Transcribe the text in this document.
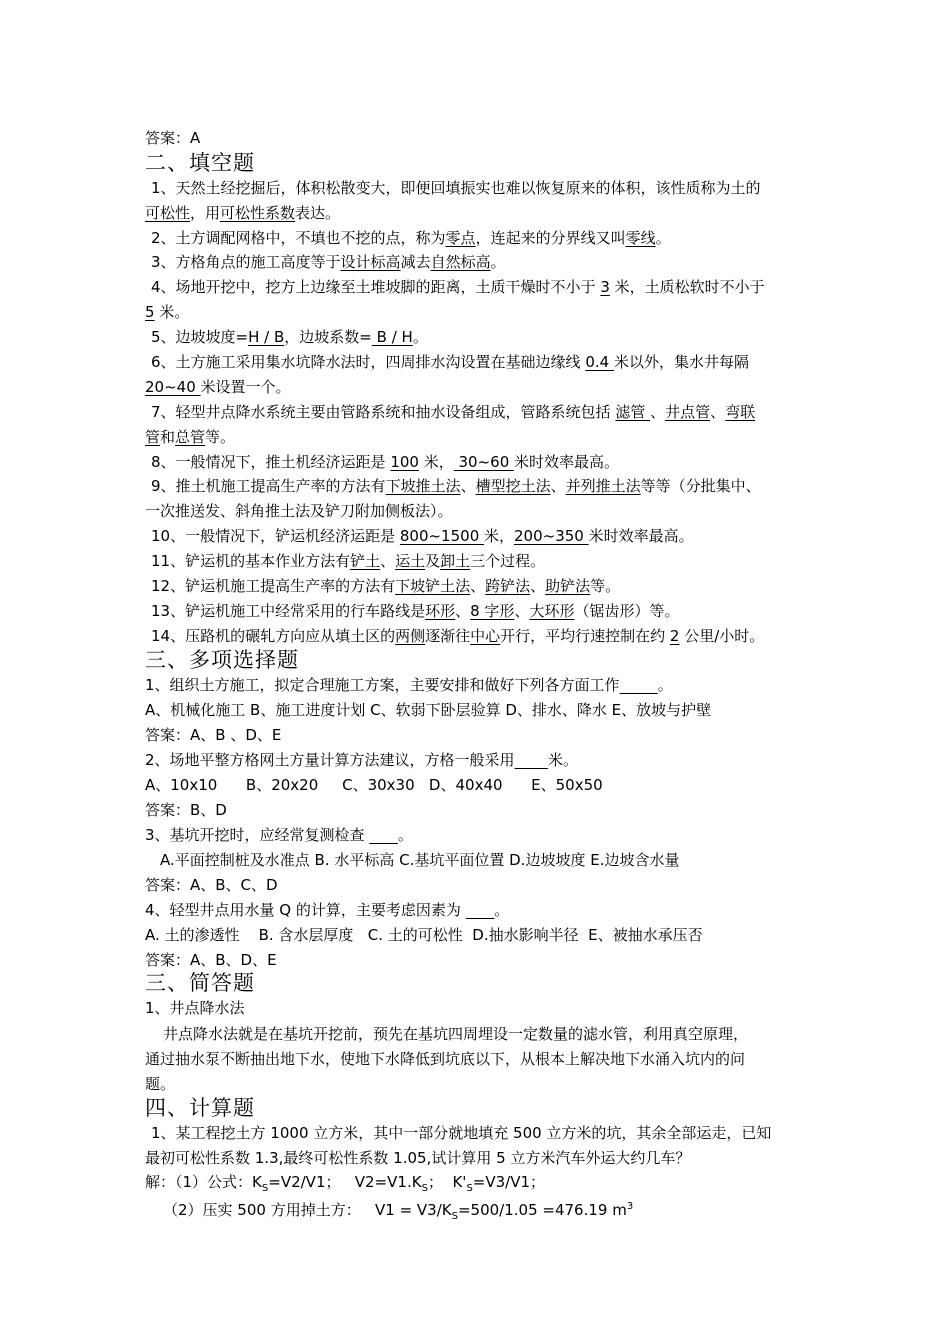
答案：A
二、填空题
1、天然土经挖掘后，体积松散变大，即便回填振实也难以恢复原来的体积，该性质称为土的
可松性，用可松性系数表达。
2、土方调配网格中，不填也不挖的点，称为零点，连起来的分界线又叫零线。
3、方格角点的施工高度等于设计标高减去自然标高。
4、场地开挖中，挖方上边缘至土堆坡脚的距离，土质干燥时不小于 3 米，土质松软时不小于
5 米。
5、边坡坡度=H / B，边坡系数= B / H。
6、土方施工采用集水坑降水法时，四周排水沟设置在基础边缘线 0.4 米以外，集水井每隔
20~40 米设置一个。
7、轻型井点降水系统主要由管路系统和抽水设备组成，管路系统包括 滤管 、井点管、弯联
管和总管等。
8、一般情况下，推土机经济运距是 100 米， 30~60 米时效率最高。
9、推土机施工提高生产率的方法有下坡推土法、槽型挖土法、并列推土法等等（分批集中、
一次推送发、斜角推土法及铲刀附加侧板法）。
10、一般情况下，铲运机经济运距是 800~1500 米，200~350 米时效率最高。
11、铲运机的基本作业方法有铲土、运土及卸土三个过程。
12、铲运机施工提高生产率的方法有下坡铲土法、跨铲法、助铲法等。
13、铲运机施工中经常采用的行车路线是环形、8 字形、大环形（锯齿形）等。
14、压路机的碾轧方向应从填土区的两侧逐渐往中心开行，平均行速控制在约 2 公里/小时。
三、多项选择题
1、组织土方施工，拟定合理施工方案，主要安排和做好下列各方面工作	。
A、机械化施工 B、施工进度计划 C、软弱下卧层验算 D、排水、降水 E、放坡与护壁
答案：A、B 、D、E
2、场地平整方格网土方量计算方法建议，方格一般采用 米。
A、10x10      B、20x20     C、30x30   D、40x40      E、50x50
答案：B、D
3、基坑开挖时，应经常复测检查       。
A.平面控制桩及水准点 B. 水平标高 C.基坑平面位置 D.边坡坡度 E.边坡含水量
答案：A、B、C、D
4、轻型井点用水量 Q 的计算，主要考虑因素为       。
A. 土的渗透性    B. 含水层厚度   C. 土的可松性  D.抽水影响半径  E、被抽水承压否
答案：A、B、D、E
三、简答题
1、井点降水法
井点降水法就是在基坑开挖前，预先在基坑四周埋设一定数量的滤水管，利用真空原理，
通过抽水泵不断抽出地下水，使地下水降低到坑底以下，从根本上解决地下水涌入坑内的问
题。
四、计算题
1、某工程挖土方 1000 立方米，其中一部分就地填充 500 立方米的坑，其余全部运走，已知
最初可松性系数 1.3,最终可松性系数 1.05,试计算用 5 立方米汽车外运大约几车？
解：（1）公式：$K_S=V2/V1$；   $V2=V1.K_S$；  $K'_S=V3/V1$；
（2）压实 500 方用掉土方：   $V1 = V3/K_S=500/1.05 =476.19$ $m^3$
